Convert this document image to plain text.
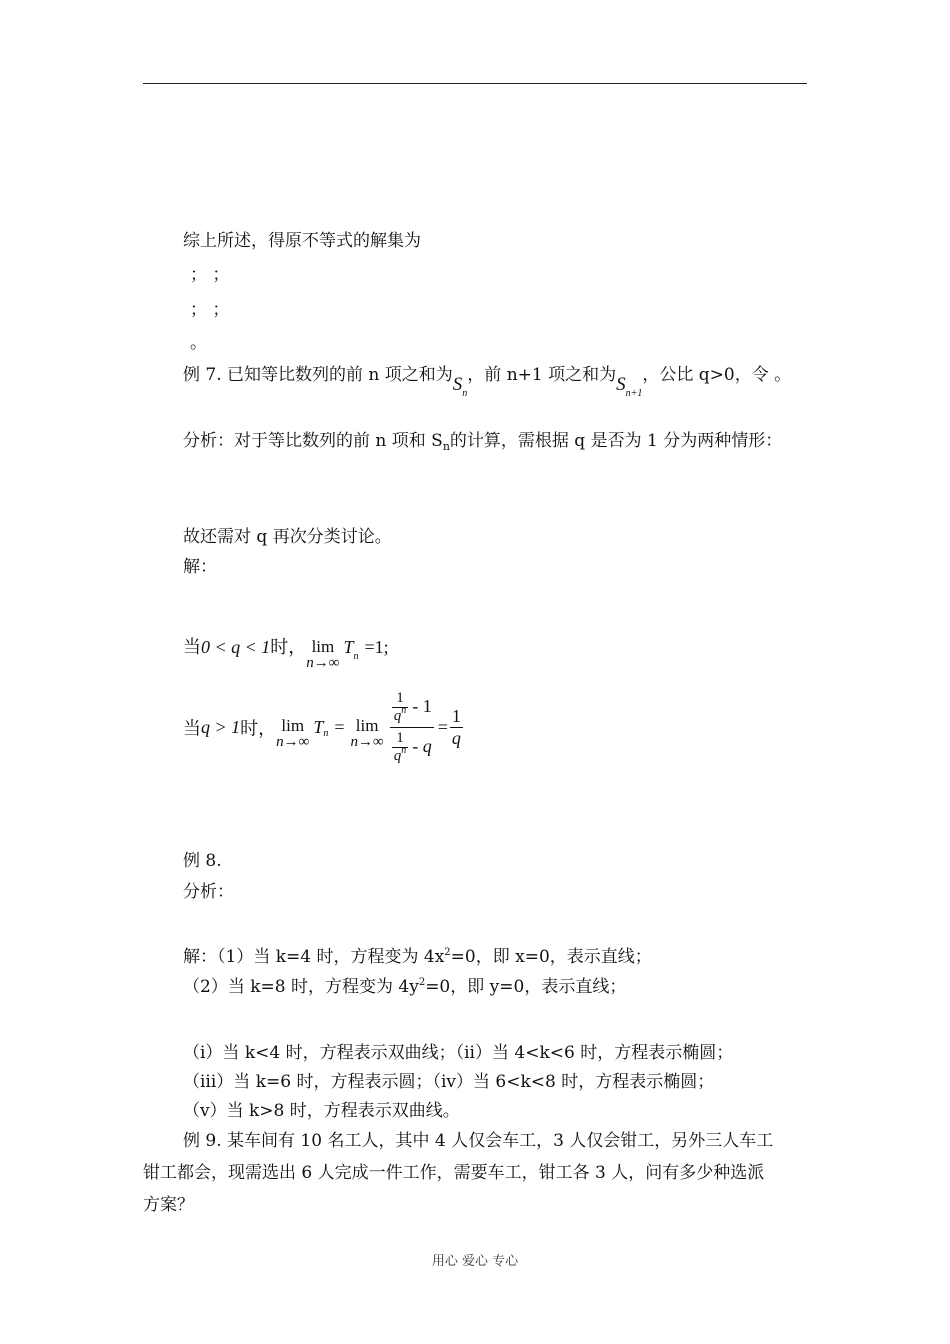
综上所述，得原不等式的解集为
； ；
； ；
。
例 7. 已知等比数列的前 n 项之和为$S_n$，前 n+1 项之和为$S_{n+1}$，公比 q>0，令 。
分析：对于等比数列的前 n 项和 $S_n$的计算，需根据 q 是否为 1 分为两种情形：
故还需对 q 再次分类讨论。
解：
当0 < q < 1时， lim
n→∞
$T_n =1$;
当q > 1时， lim
n→∞
$T_n = \lim$
$n\to\infty \frac{\frac{1}{q^n} - 1}{\frac{1}{q^n} - q} = \frac{1}{q}$
例 8.
分析：
解：（1）当 k=4 时，方程变为 $4x^2=0$，即 x=0，表示直线；
（2）当 k=8 时，方程变为 $4y^2=0$，即 y=0，表示直线；
（i）当 k<4 时，方程表示双曲线；（ii）当 4<k<6 时，方程表示椭圆；
（iii）当 k=6 时，方程表示圆；（iv）当 6<k<8 时，方程表示椭圆；
（v）当 k>8 时，方程表示双曲线。
例 9. 某车间有 10 名工人，其中 4 人仅会车工，3 人仅会钳工，另外三人车工
钳工都会，现需选出 6 人完成一件工作，需要车工，钳工各 3 人，问有多少种选派
方案？
用心 爱心 专心
